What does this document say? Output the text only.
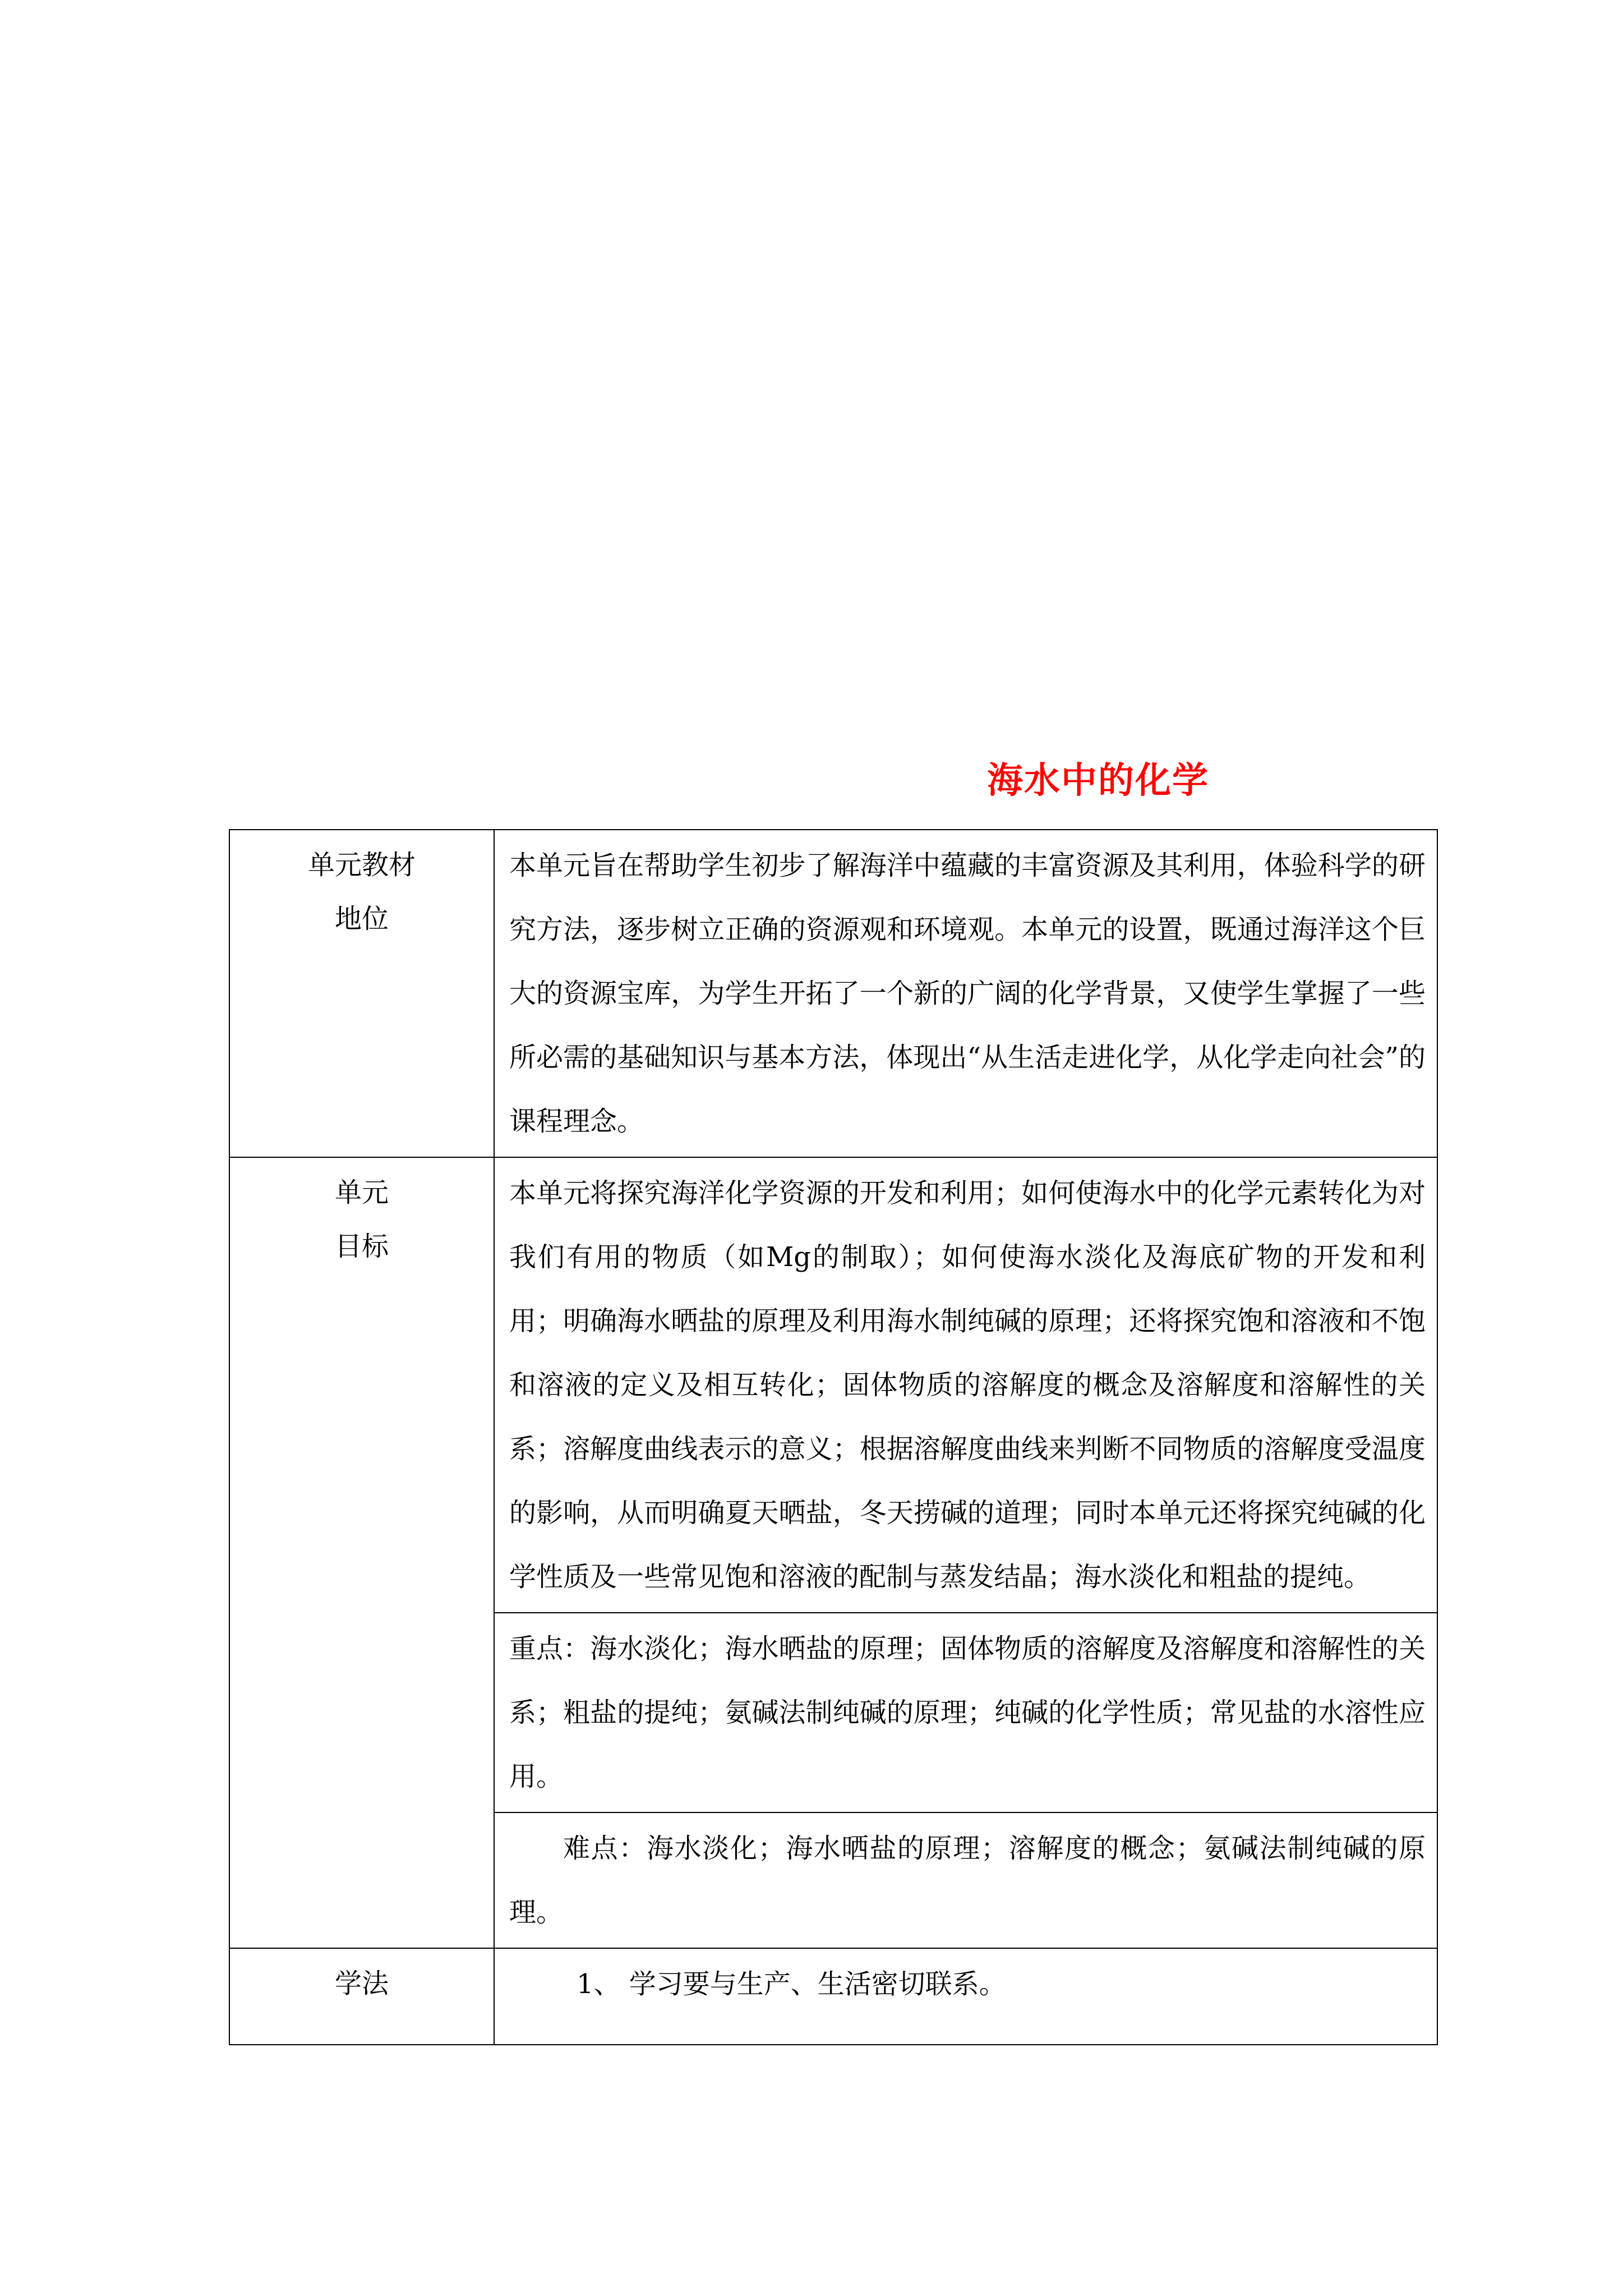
海水中的化学
单元教材
地位	本单元旨在帮助学生初步了解海洋中蕴藏的丰富资源及其利用，体验科学的研究方法，逐步树立正确的资源观和环境观。本单元的设置，既通过海洋这个巨大的资源宝库，为学生开拓了一个新的广阔的化学背景，又使学生掌握了一些所必需的基础知识与基本方法，体现出“从生活走进化学，从化学走向社会”的课程理念。

单元
目标	本单元将探究海洋化学资源的开发和利用；如何使海水中的化学元素转化为对我们有用的物质（如Mg的制取）；如何使海水淡化及海底矿物的开发和利用；明确海水晒盐的原理及利用海水制纯碱的原理；还将探究饱和溶液和不饱和溶液的定义及相互转化；固体物质的溶解度的概念及溶解度和溶解性的关系；溶解度曲线表示的意义；根据溶解度曲线来判断不同物质的溶解度受温度的影响，从而明确夏天晒盐，冬天捞碱的道理；同时本单元还将探究纯碱的化学性质及一些常见饱和溶液的配制与蒸发结晶；海水淡化和粗盐的提纯。

	重点：海水淡化；海水晒盐的原理；固体物质的溶解度及溶解度和溶解性的关系；粗盐的提纯；氨碱法制纯碱的原理；纯碱的化学性质；常见盐的水溶性应用。

	难点：海水淡化；海水晒盐的原理；溶解度的概念；氨碱法制纯碱的原理。

学法	1、 学习要与生产、生活密切联系。
